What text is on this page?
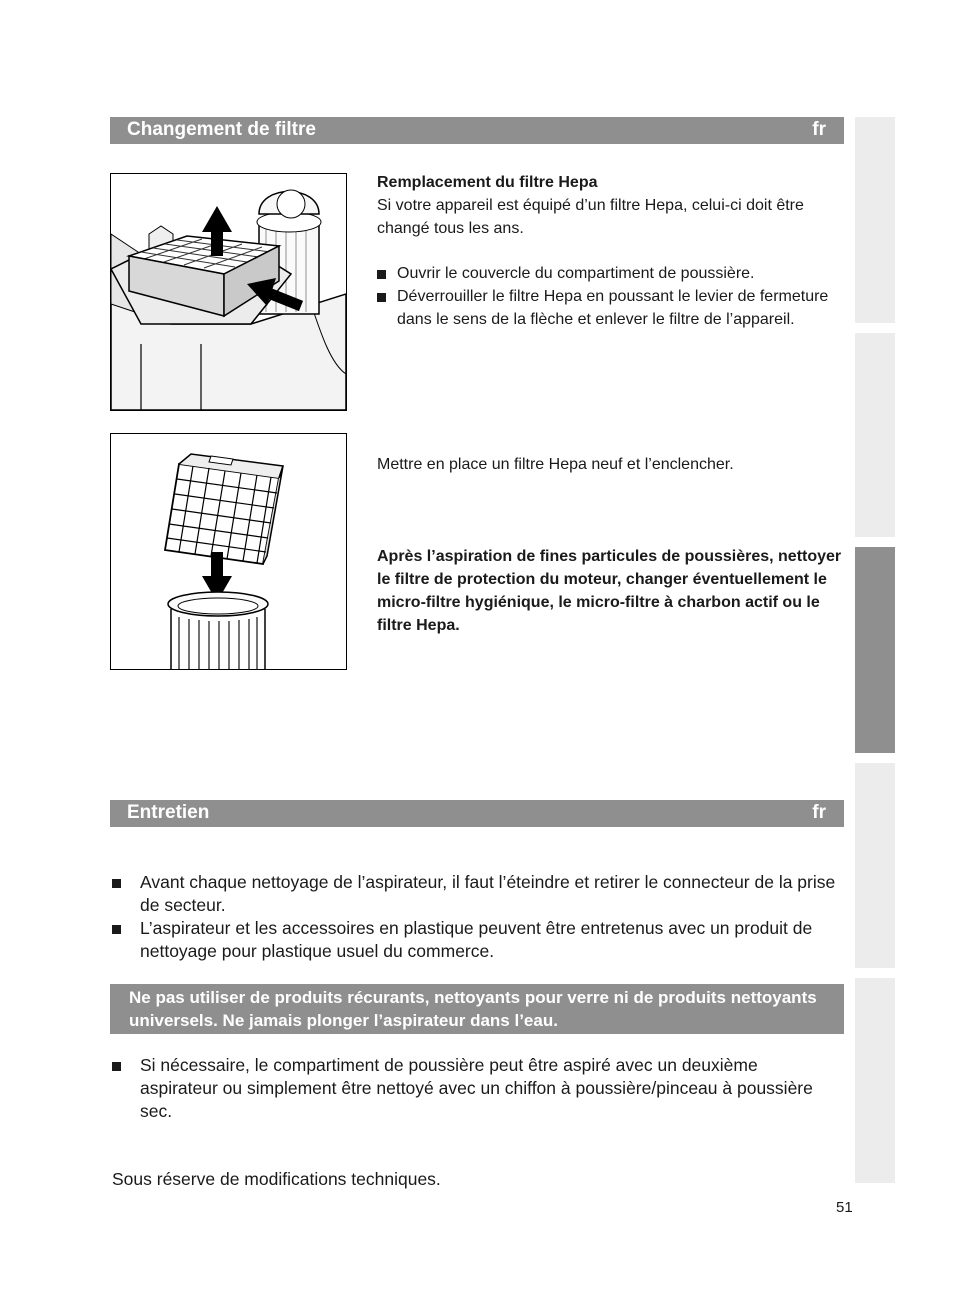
Changement de filtre	fr
Remplacement du filtre Hepa
Si votre appareil est équipé d’un filtre Hepa, celui-ci doit être changé tous les ans.
Ouvrir le couvercle du compartiment de poussière.
Déverrouiller le filtre Hepa en poussant le levier de fermeture dans le sens de la flèche et enlever le filtre de l’appareil.
Mettre en place un filtre Hepa neuf et l’enclencher.
Après l’aspiration de fines particules de poussières, nettoyer le filtre de protection du moteur, changer éventuellement le micro-filtre hygiénique, le micro-filtre à charbon actif ou le filtre Hepa.
Entretien	fr
Avant chaque nettoyage de l’aspirateur, il faut l’éteindre et retirer le connecteur de la prise de secteur.
L’aspirateur et les accessoires en plastique peuvent être entretenus avec un produit de nettoyage pour plastique usuel du commerce.
Ne pas utiliser de produits récurants, nettoyants pour verre ni de produits nettoyants universels. Ne jamais plonger l’aspirateur dans l’eau.
Si nécessaire, le compartiment de poussière peut être aspiré avec un deuxième aspirateur ou simplement être nettoyé avec un chiffon à poussière/pinceau à poussière sec.
Sous réserve de modifications techniques.
51
